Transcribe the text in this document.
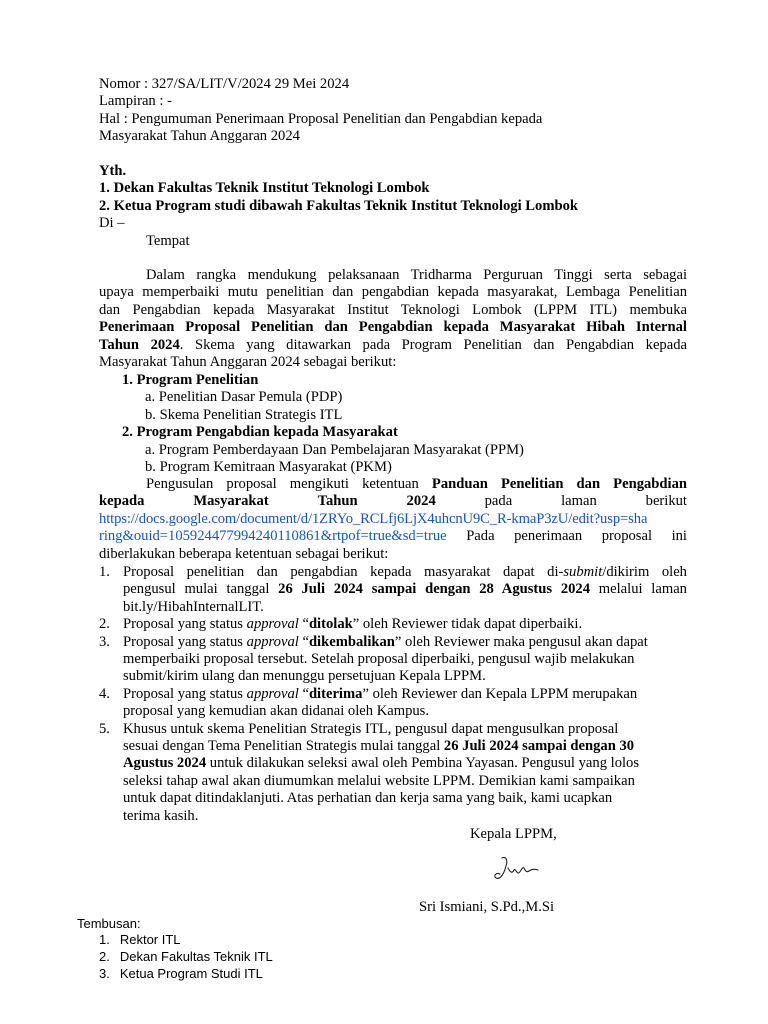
Nomor : 327/SA/LIT/V/2024 29 Mei 2024
Lampiran : -
Hal : Pengumuman Penerimaan Proposal Penelitian dan Pengabdian kepada
Masyarakat Tahun Anggaran 2024
Yth.
1. Dekan Fakultas Teknik Institut Teknologi Lombok
2. Ketua Program studi dibawah Fakultas Teknik Institut Teknologi Lombok
Di –
Tempat
Dalam rangka mendukung pelaksanaan Tridharma Perguruan Tinggi serta sebagai
upaya memperbaiki mutu penelitian dan pengabdian kepada masyarakat, Lembaga Penelitian
dan Pengabdian kepada Masyarakat Institut Teknologi Lombok (LPPM ITL) membuka
Penerimaan Proposal Penelitian dan Pengabdian kepada Masyarakat Hibah Internal
Tahun 2024. Skema yang ditawarkan pada Program Penelitian dan Pengabdian kepada
Masyarakat Tahun Anggaran 2024 sebagai berikut:
1. Program Penelitian
a. Penelitian Dasar Pemula (PDP)
b. Skema Penelitian Strategis ITL
2. Program Pengabdian kepada Masyarakat
a. Program Pemberdayaan Dan Pembelajaran Masyarakat (PPM)
b. Program Kemitraan Masyarakat (PKM)
Pengusulan proposal mengikuti ketentuan Panduan Penelitian dan Pengabdian
kepada	Masyarakat	Tahun	2024	pada	laman	berikut
https://docs.google.com/document/d/1ZRYo_RCLfj6LjX4uhcnU9C_R-kmaP3zU/edit?usp=sha
ring&ouid=105924477994240110861&rtpof=true&sd=true Pada penerimaan proposal ini
diberlakukan beberapa ketentuan sebagai berikut:
1. Proposal penelitian dan pengabdian kepada masyarakat dapat di-submit/dikirim oleh
pengusul mulai tanggal 26 Juli 2024 sampai dengan 28 Agustus 2024 melalui laman
bit.ly/HibahInternalLIT.
2. Proposal yang status approval “ditolak” oleh Reviewer tidak dapat diperbaiki.
3. Proposal yang status approval “dikembalikan” oleh Reviewer maka pengusul akan dapat
memperbaiki proposal tersebut. Setelah proposal diperbaiki, pengusul wajib melakukan
submit/kirim ulang dan menunggu persetujuan Kepala LPPM.
4. Proposal yang status approval “diterima” oleh Reviewer dan Kepala LPPM merupakan
proposal yang kemudian akan didanai oleh Kampus.
5. Khusus untuk skema Penelitian Strategis ITL, pengusul dapat mengusulkan proposal
sesuai dengan Tema Penelitian Strategis mulai tanggal 26 Juli 2024 sampai dengan 30
Agustus 2024 untuk dilakukan seleksi awal oleh Pembina Yayasan. Pengusul yang lolos
seleksi tahap awal akan diumumkan melalui website LPPM. Demikian kami sampaikan
untuk dapat ditindaklanjuti. Atas perhatian dan kerja sama yang baik, kami ucapkan
terima kasih.
Kepala LPPM,
Sri Ismiani, S.Pd.,M.Si
Tembusan:
1. Rektor ITL
2. Dekan Fakultas Teknik ITL
3. Ketua Program Studi ITL
